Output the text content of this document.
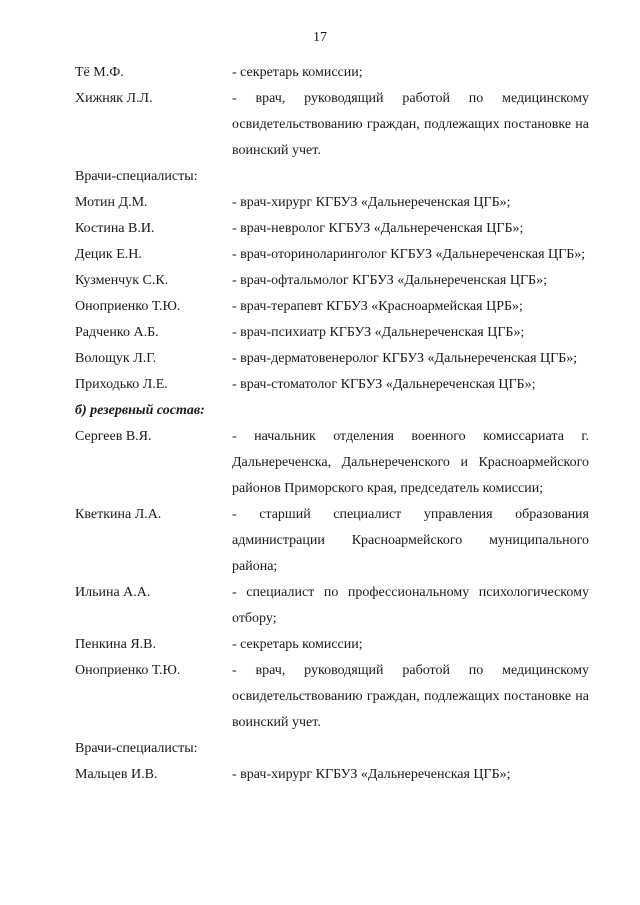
17
Тё М.Ф.	- секретарь комиссии;
Хижняк Л.Л.	- врач, руководящий работой по медицинскому освидетельствованию граждан, подлежащих постановке на воинский учет.
Врачи-специалисты:
Мотин Д.М.	- врач-хирург КГБУЗ «Дальнереченская ЦГБ»;
Костина В.И.	- врач-невролог КГБУЗ «Дальнереченская ЦГБ»;
Децик Е.Н.	- врач-оториноларинголог КГБУЗ «Дальнереченская ЦГБ»;
Кузменчук С.К.	- врач-офтальмолог КГБУЗ «Дальнереченская ЦГБ»;
Оноприенко Т.Ю.	- врач-терапевт КГБУЗ «Красноармейская ЦРБ»;
Радченко А.Б.	- врач-психиатр КГБУЗ «Дальнереченская ЦГБ»;
Волощук Л.Г.	- врач-дерматовенеролог КГБУЗ «Дальнереченская ЦГБ»;
Приходько Л.Е.	- врач-стоматолог КГБУЗ «Дальнереченская ЦГБ»;
б) резервный состав:
Сергеев В.Я.	- начальник отделения военного комиссариата г. Дальнереченска, Дальнереченского и Красноармейского районов Приморского края, председатель комиссии;
Кветкина Л.А.	- старший специалист управления образования администрации Красноармейского муниципального района;
Ильина А.А.	- специалист по профессиональному психологическому отбору;
Пенкина Я.В.	- секретарь комиссии;
Оноприенко Т.Ю.	- врач, руководящий работой по медицинскому освидетельствованию граждан, подлежащих постановке на воинский учет.
Врачи-специалисты:
Мальцев И.В.	- врач-хирург КГБУЗ «Дальнереченская ЦГБ»;
